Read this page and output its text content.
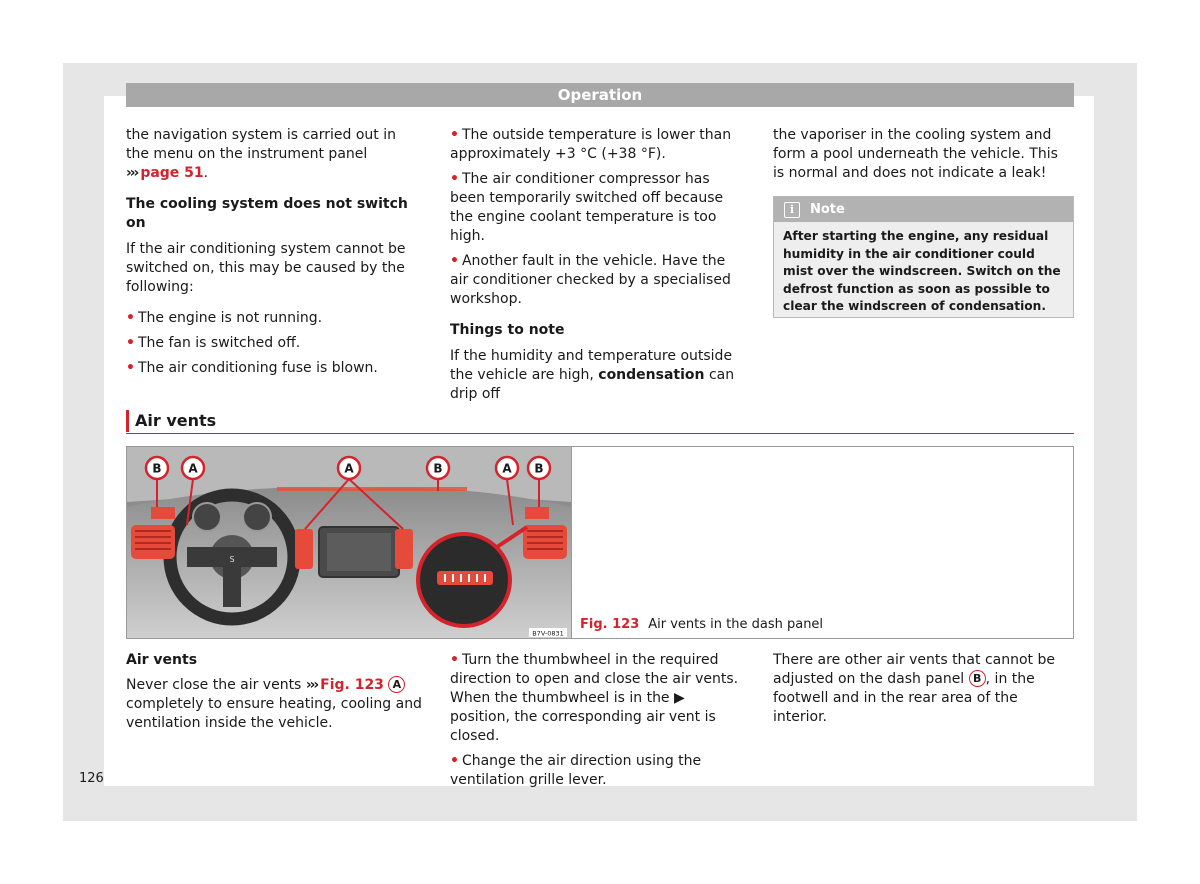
Operation

the navigation system is carried out in the menu on the instrument panel ››› page 51.

The cooling system does not switch on

If the air conditioning system cannot be switched on, this may be caused by the following:

• The engine is not running.
• The fan is switched off.
• The air conditioning fuse is blown.
• The outside temperature is lower than approximately +3 °C (+38 °F).
• The air conditioner compressor has been temporarily switched off because the engine coolant temperature is too high.
• Another fault in the vehicle. Have the air conditioner checked by a specialised workshop.
Things to note

If the humidity and temperature outside the vehicle are high, condensation can drip off

the vaporiser in the cooling system and form a pool underneath the vehicle. This is normal and does not indicate a leak!

i	Note
After starting the engine, any residual humidity in the air conditioner could mist over the windscreen. Switch on the defrost function as soon as possible to clear the windscreen of condensation.
Air vents
S
B A	A	B	A B
B7V-0831
Fig. 123 Air vents in the dash panel
Air vents

Never close the air vents ››› Fig. 123 A completely to ensure heating, cooling and ventilation inside the vehicle.

• Turn the thumbwheel in the required direction to open and close the air vents. When the thumbwheel is in the ▶ position, the corresponding air vent is closed.
• Change the air direction using the ventilation grille lever.

There are other air vents that cannot be adjusted on the dash panel B , in the footwell and in the rear area of the interior.

126
